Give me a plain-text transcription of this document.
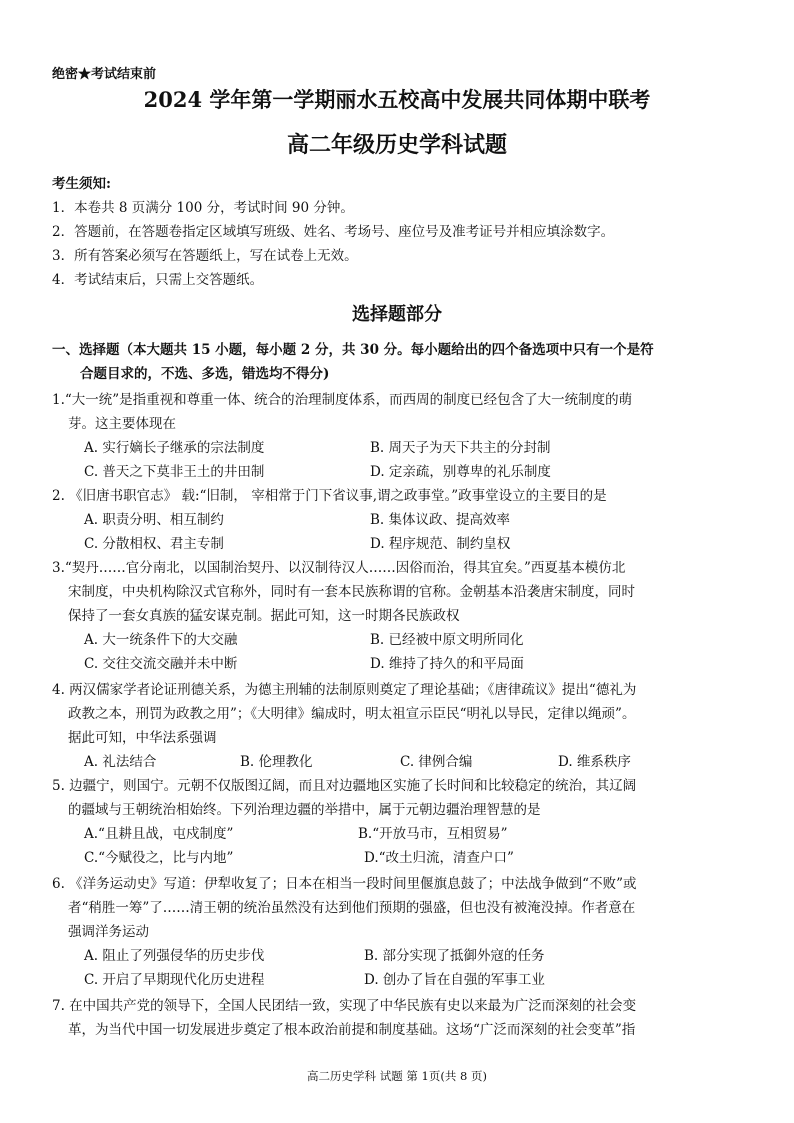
绝密★考试结束前
2024 学年第一学期丽水五校高中发展共同体期中联考
高二年级历史学科试题
考生须知:
1．本卷共 8 页满分 100 分，考试时间 90 分钟。
2．答题前，在答题卷指定区域填写班级、姓名、考场号、座位号及准考证号并相应填涂数字。
3．所有答案必须写在答题纸上，写在试卷上无效。
4．考试结束后，只需上交答题纸。
选择题部分
一、选择题（本大题共 15 小题，每小题 2 分，共 30 分。每小题给出的四个备选项中只有一个是符
合题目求的，不选、多选，错选均不得分)
1.“大一统”是指重视和尊重一体、统合的治理制度体系，而西周的制度已经包含了大一统制度的萌
芽。这主要体现在
A. 实行嫡长子继承的宗法制度	B. 周天子为天下共主的分封制
C. 普天之下莫非王土的井田制	D. 定亲疏，别尊卑的礼乐制度
2. 《旧唐书职官志》 载:“旧制， 宰相常于门下省议事,谓之政事堂。”政事堂设立的主要目的是
A. 职责分明、相互制约	B. 集体议政、提高效率
C. 分散相权、君主专制	D. 程序规范、制约皇权
3.“契丹……官分南北，以国制治契丹、以汉制待汉人……因俗而治，得其宜矣。”西夏基本模仿北
宋制度，中央机构除汉式官称外，同时有一套本民族称谓的官称。金朝基本沿袭唐宋制度，同时
保持了一套女真族的猛安谋克制。据此可知，这一时期各民族政权
A. 大一统条件下的大交融	B. 已经被中原文明所同化
C. 交往交流交融并未中断	D. 维持了持久的和平局面
4. 两汉儒家学者论证刑德关系，为德主刑辅的法制原则奠定了理论基础；《唐律疏议》提出“德礼为
政教之本，刑罚为政教之用”；《大明律》编成时，明太祖宣示臣民“明礼以导民，定律以绳顽”。
据此可知，中华法系强调
A. 礼法结合	B. 伦理教化	C. 律例合编	D. 维系秩序
5. 边疆宁，则国宁。元朝不仅版图辽阔，而且对边疆地区实施了长时间和比较稳定的统治，其辽阔
的疆域与王朝统治相始终。下列治理边疆的举措中，属于元朝边疆治理智慧的是
A.“且耕且战，屯戍制度”	B.“开放马市，互相贸易”
C.“今赋役之，比与内地”	D.“改土归流，清查户口”
6. 《洋务运动史》写道：伊犁收复了；日本在相当一段时间里偃旗息鼓了；中法战争做到“不败”或
者“稍胜一筹”了……清王朝的统治虽然没有达到他们预期的强盛，但也没有被淹没掉。作者意在
强调洋务运动
A. 阻止了列强侵华的历史步伐	B. 部分实现了抵御外寇的任务
C. 开启了早期现代化历史进程	D. 创办了旨在自强的军事工业
7. 在中国共产党的领导下，全国人民团结一致，实现了中华民族有史以来最为广泛而深刻的社会变
革，为当代中国一切发展进步奠定了根本政治前提和制度基础。这场“广泛而深刻的社会变革”指
高二历史学科 试题 第 1页(共 8 页)
